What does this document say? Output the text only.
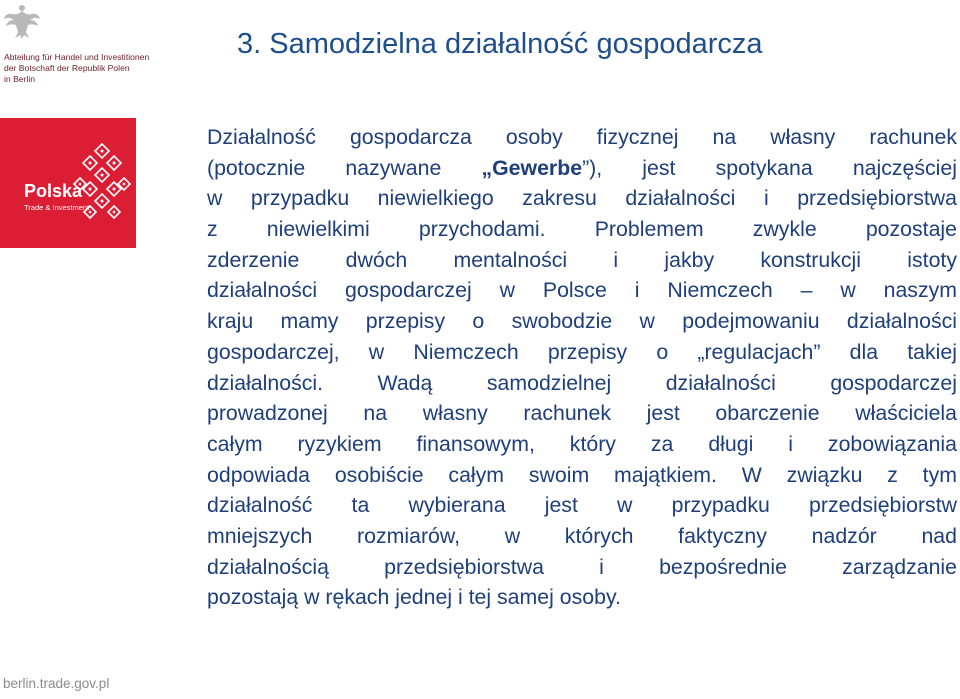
Abteilung für Handel und Investitionen
der Botschaft der Republik Polen
in Berlin
Polska
Trade & Investment
berlin.trade.gov.pl
3. Samodzielna działalność gospodarcza
Działalność gospodarcza osoby fizycznej na własny rachunek
(potocznie nazywane „Gewerbe”), jest spotykana najczęściej
w przypadku niewielkiego zakresu działalności i przedsiębiorstwa
z niewielkimi przychodami. Problemem zwykle pozostaje
zderzenie dwóch mentalności i jakby konstrukcji istoty
działalności gospodarczej w Polsce i Niemczech – w naszym
kraju mamy przepisy o swobodzie w podejmowaniu działalności
gospodarczej, w Niemczech przepisy o „regulacjach” dla takiej
działalności. Wadą samodzielnej działalności gospodarczej
prowadzonej na własny rachunek jest obarczenie właściciela
całym ryzykiem finansowym, który za długi i zobowiązania
odpowiada osobiście całym swoim majątkiem. W związku z tym
działalność ta wybierana jest w przypadku przedsiębiorstw
mniejszych rozmiarów, w których faktyczny nadzór nad
działalnością przedsiębiorstwa i bezpośrednie zarządzanie
pozostają w rękach jednej i tej samej osoby.
